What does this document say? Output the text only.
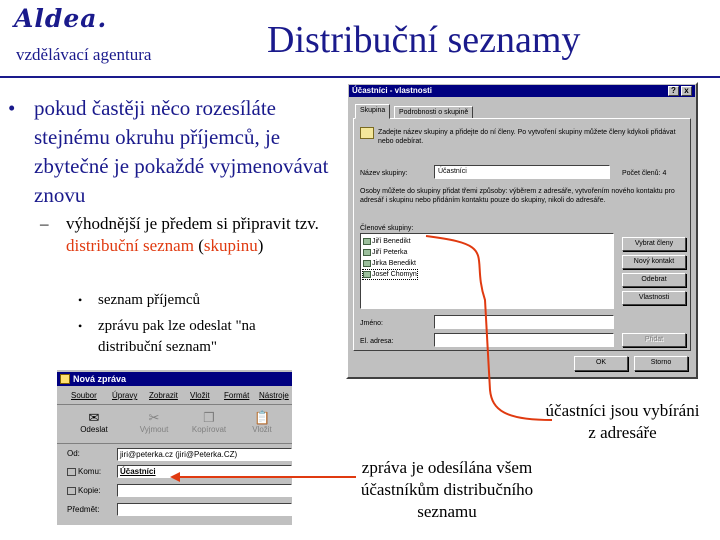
Aldea.
vzdělávací agentura	Distribuční seznamy
• pokud častěji něco rozesíláte stejnému okruhu příjemců, je zbytečné je pokaždé vyjmenovávat znovu
– výhodnější je předem si připravit tzv. distribuční seznam (skupinu)
• seznam příjemců
• zprávu pak lze odeslat "na distribuční seznam"
Účastníci - vlastnosti	?	x
Skupina	Podrobnosti o skupině
Zadejte název skupiny a přidejte do ní členy. Po vytvoření skupiny můžete členy kdykoli přidávat nebo odebírat.
Název skupiny:	Účastníci	Počet členů: 4
Osoby můžete do skupiny přidat třemi způsoby: výběrem z adresáře, vytvořením nového kontaktu pro adresář i skupinu nebo přidáním kontaktu pouze do skupiny, nikoli do adresáře.
Členové skupiny:
Jiří Benedikt
Jiří Peterka
Jirka Benedikt
Josef Chomyn
Vybrat členy
Nový kontakt
Odebrat
Vlastnosti
Jméno:
El. adresa:	Přidat
OK	Storno
Nová zpráva
Soubor Úpravy Zobrazit Vložit Formát Nástroje
✉
Odeslat
✂
Vyjmout
❐
Kopírovat
📋
Vložit
Od:	jiri@peterka.cz (jiri@Peterka.CZ)
Komu:	Účastníci
Kopie:
Předmět:
účastníci jsou vybíráni z adresáře
zpráva je odesílána všem účastníkům distribučního seznamu
